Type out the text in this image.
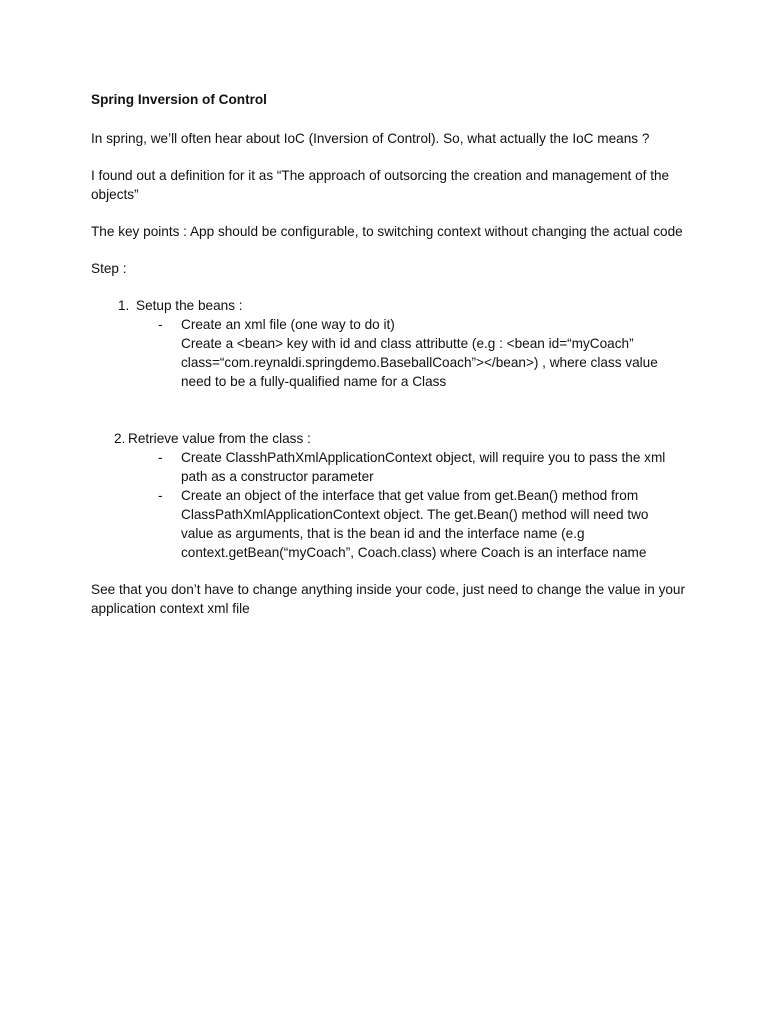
Spring Inversion of Control

In spring, we’ll often hear about IoC (Inversion of Control). So, what actually the IoC means ?

I found out a definition for it as “The approach of outsorcing the creation and management of the objects”

The key points : App should be configurable, to switching context without changing the actual code

Step :
1. Setup the beans :
- Create an xml file (one way to do it)
Create a <bean> key with id and class attributte (e.g : <bean id=“myCoach”
class=“com.reynaldi.springdemo.BaseballCoach”></bean>) , where class value
need to be a fully-qualified name for a Class
2. Retrieve value from the class :
- Create ClasshPathXmlApplicationContext object, will require you to pass the xml
path as a constructor parameter
- Create an object of the interface that get value from get.Bean() method from
ClassPathXmlApplicationContext object. The get.Bean() method will need two
value as arguments, that is the bean id and the interface name (e.g
context.getBean(“myCoach”, Coach.class) where Coach is an interface name

See that you don’t have to change anything inside your code, just need to change the value in your application context xml file
